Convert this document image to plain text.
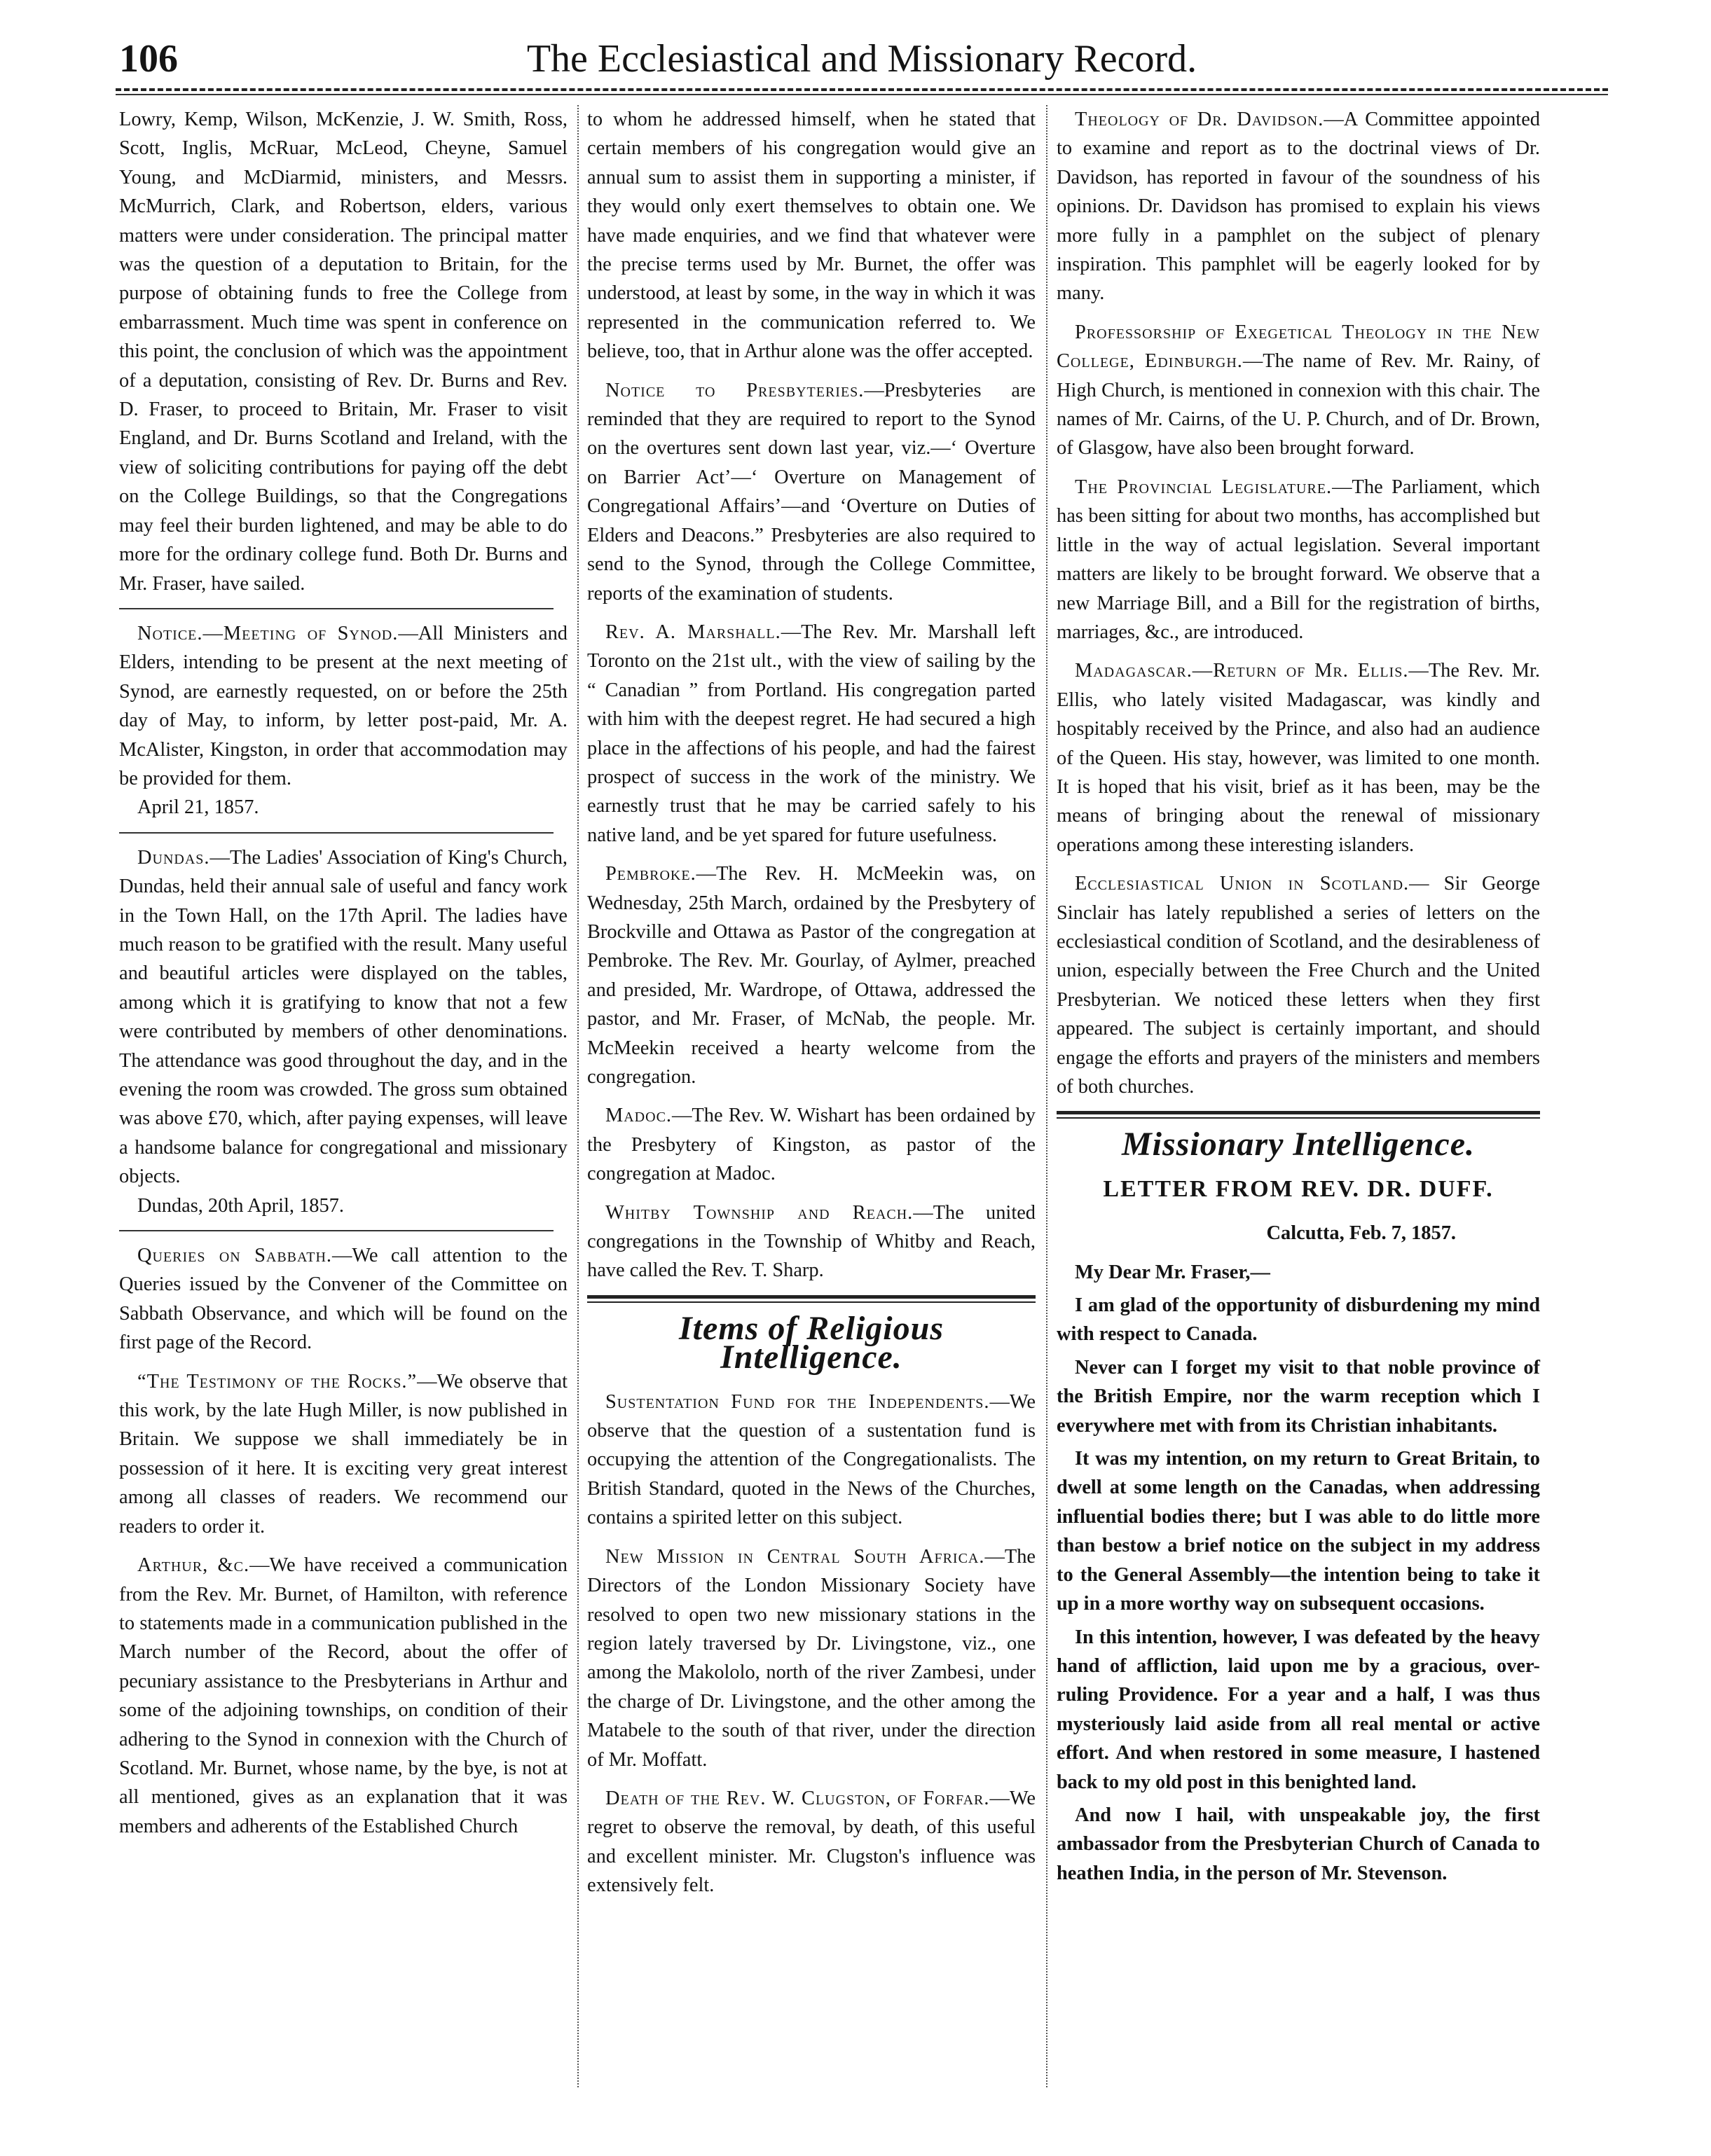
106	The Ecclesiastical and Missionary Record.

Lowry, Kemp, Wilson, McKenzie, J. W. Smith, Ross, Scott, Inglis, McRuar, McLeod, Cheyne, Samuel Young, and McDiarmid, ministers, and Messrs. McMurrich, Clark, and Robertson, elders, various matters were under consideration. The principal matter was the question of a deputation to Britain, for the purpose of obtaining funds to free the College from embarrassment. Much time was spent in conference on this point, the conclusion of which was the appointment of a deputation, consisting of Rev. Dr. Burns and Rev. D. Fraser, to proceed to Britain, Mr. Fraser to visit England, and Dr. Burns Scotland and Ireland, with the view of soliciting contributions for paying off the debt on the College Buildings, so that the Congregations may feel their burden lightened, and may be able to do more for the ordinary college fund. Both Dr. Burns and Mr. Fraser, have sailed.

Notice.—Meeting of Synod.—All Ministers and Elders, intending to be present at the next meeting of Synod, are earnestly requested, on or before the 25th day of May, to inform, by letter post-paid, Mr. A. McAlister, Kingston, in order that accommodation may be provided for them.

April 21, 1857.

Dundas.—The Ladies' Association of King's Church, Dundas, held their annual sale of useful and fancy work in the Town Hall, on the 17th April. The ladies have much reason to be gratified with the result. Many useful and beautiful articles were displayed on the tables, among which it is gratifying to know that not a few were contributed by members of other denominations. The attendance was good throughout the day, and in the evening the room was crowded. The gross sum obtained was above £70, which, after paying expenses, will leave a handsome balance for congregational and missionary objects.

Dundas, 20th April, 1857.

Queries on Sabbath.—We call attention to the Queries issued by the Convener of the Committee on Sabbath Observance, and which will be found on the first page of the Record.

“The Testimony of the Rocks.”—We observe that this work, by the late Hugh Miller, is now published in Britain. We suppose we shall immediately be in possession of it here. It is exciting very great interest among all classes of readers. We recommend our readers to order it.

Arthur, &c.—We have received a communication from the Rev. Mr. Burnet, of Hamilton, with reference to statements made in a communication published in the March number of the Record, about the offer of pecuniary assistance to the Presbyterians in Arthur and some of the adjoining townships, on condition of their adhering to the Synod in connexion with the Church of Scotland. Mr. Burnet, whose name, by the bye, is not at all mentioned, gives as an explanation that it was members and adherents of the Established Church

to whom he addressed himself, when he stated that certain members of his congregation would give an annual sum to assist them in supporting a minister, if they would only exert themselves to obtain one. We have made enquiries, and we find that whatever were the precise terms used by Mr. Burnet, the offer was understood, at least by some, in the way in which it was represented in the communication referred to. We believe, too, that in Arthur alone was the offer accepted.

Notice to Presbyteries.—Presbyteries are reminded that they are required to report to the Synod on the overtures sent down last year, viz.—‘ Overture on Barrier Act’—‘ Overture on Management of Congregational Affairs’—and ‘Overture on Duties of Elders and Deacons.” Presbyteries are also required to send to the Synod, through the College Committee, reports of the examination of students.

Rev. A. Marshall.—The Rev. Mr. Marshall left Toronto on the 21st ult., with the view of sailing by the “ Canadian ” from Portland. His congregation parted with him with the deepest regret. He had secured a high place in the affections of his people, and had the fairest prospect of success in the work of the ministry. We earnestly trust that he may be carried safely to his native land, and be yet spared for future usefulness.

Pembroke.—The Rev. H. McMeekin was, on Wednesday, 25th March, ordained by the Presbytery of Brockville and Ottawa as Pastor of the congregation at Pembroke. The Rev. Mr. Gourlay, of Aylmer, preached and presided, Mr. Wardrope, of Ottawa, addressed the pastor, and Mr. Fraser, of McNab, the people. Mr. McMeekin received a hearty welcome from the congregation.

Madoc.—The Rev. W. Wishart has been ordained by the Presbytery of Kingston, as pastor of the congregation at Madoc.

Whitby Township and Reach.—The united congregations in the Township of Whitby and Reach, have called the Rev. T. Sharp.

Items of Religious Intelligence.

Sustentation Fund for the Independents.—We observe that the question of a sustentation fund is occupying the attention of the Congregationalists. The British Standard, quoted in the News of the Churches, contains a spirited letter on this subject.

New Mission in Central South Africa.—The Directors of the London Missionary Society have resolved to open two new missionary stations in the region lately traversed by Dr. Livingstone, viz., one among the Makololo, north of the river Zambesi, under the charge of Dr. Livingstone, and the other among the Matabele to the south of that river, under the direction of Mr. Moffatt.

Death of the Rev. W. Clugston, of Forfar.—We regret to observe the removal, by death, of this useful and excellent minister. Mr. Clugston's influence was extensively felt.

Theology of Dr. Davidson.—A Committee appointed to examine and report as to the doctrinal views of Dr. Davidson, has reported in favour of the soundness of his opinions. Dr. Davidson has promised to explain his views more fully in a pamphlet on the subject of plenary inspiration. This pamphlet will be eagerly looked for by many.

Professorship of Exegetical Theology in the New College, Edinburgh.—The name of Rev. Mr. Rainy, of High Church, is mentioned in connexion with this chair. The names of Mr. Cairns, of the U. P. Church, and of Dr. Brown, of Glasgow, have also been brought forward.

The Provincial Legislature.—The Parliament, which has been sitting for about two months, has accomplished but little in the way of actual legislation. Several important matters are likely to be brought forward. We observe that a new Marriage Bill, and a Bill for the registration of births, marriages, &c., are introduced.

Madagascar.—Return of Mr. Ellis.—The Rev. Mr. Ellis, who lately visited Madagascar, was kindly and hospitably received by the Prince, and also had an audience of the Queen. His stay, however, was limited to one month. It is hoped that his visit, brief as it has been, may be the means of bringing about the renewal of missionary operations among these interesting islanders.

Ecclesiastical Union in Scotland.— Sir George Sinclair has lately republished a series of letters on the ecclesiastical condition of Scotland, and the desirableness of union, especially between the Free Church and the United Presbyterian. We noticed these letters when they first appeared. The subject is certainly important, and should engage the efforts and prayers of the ministers and members of both churches.

Missionary Intelligence.
LETTER FROM REV. DR. DUFF.
Calcutta, Feb. 7, 1857.

My Dear Mr. Fraser,—

I am glad of the opportunity of disburdening my mind with respect to Canada.

Never can I forget my visit to that noble province of the British Empire, nor the warm reception which I everywhere met with from its Christian inhabitants.

It was my intention, on my return to Great Britain, to dwell at some length on the Canadas, when addressing influential bodies there; but I was able to do little more than bestow a brief notice on the subject in my address to the General Assembly—the intention being to take it up in a more worthy way on subsequent occasions.

In this intention, however, I was defeated by the heavy hand of affliction, laid upon me by a gracious, over-ruling Providence. For a year and a half, I was thus mysteriously laid aside from all real mental or active effort. And when restored in some measure, I hastened back to my old post in this benighted land.

And now I hail, with unspeakable joy, the first ambassador from the Presbyterian Church of Canada to heathen India, in the person of Mr. Stevenson.
